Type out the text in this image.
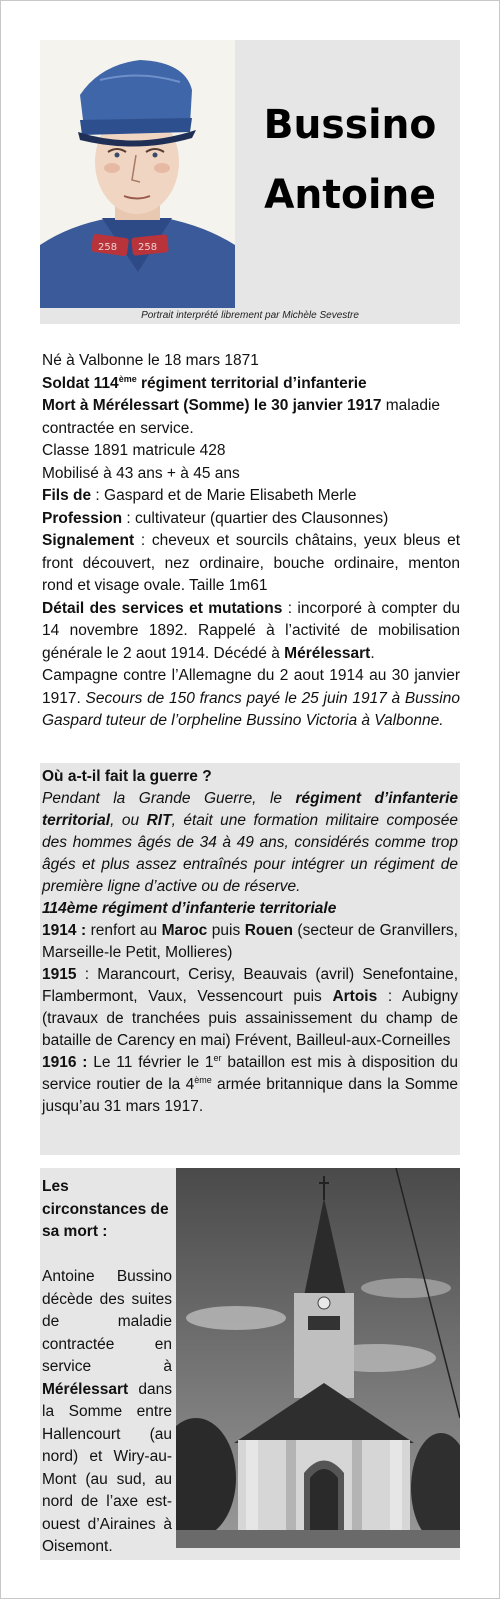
258 258
Bussino
Antoine
Portrait interprété librement par Michèle Sevestre

Né à Valbonne le 18 mars 1871

Soldat 114ème régiment territorial d’infanterie

Mort à Mérélessart (Somme) le 30 janvier 1917 maladie contractée en service.

Classe 1891 matricule 428

Mobilisé à 43 ans + à 45 ans

Fils de : Gaspard et de Marie Elisabeth Merle

Profession : cultivateur (quartier des Clausonnes)

Signalement : cheveux et sourcils châtains, yeux bleus et front découvert, nez ordinaire, bouche ordinaire, menton rond et visage ovale. Taille 1m61

Détail des services et mutations : incorporé à compter du 14 novembre 1892. Rappelé à l’activité de mobilisation générale le 2 aout 1914. Décédé à Mérélessart.

Campagne contre l’Allemagne du 2 aout 1914 au 30 janvier 1917. Secours de 150 francs payé le 25 juin 1917 à Bussino Gaspard tuteur de l’orpheline Bussino Victoria à Valbonne.

Où a-t-il fait la guerre ?

Pendant la Grande Guerre, le régiment d’infanterie territorial, ou RIT, était une formation militaire composée des hommes âgés de 34 à 49 ans, considérés comme trop âgés et plus assez entraînés pour intégrer un régiment de première ligne d’active ou de réserve.

114ème régiment d’infanterie territoriale

1914 : renfort au Maroc puis Rouen (secteur de Granvillers, Marseille-le Petit, Mollieres)

1915 : Marancourt, Cerisy, Beauvais (avril) Senefontaine, Flambermont, Vaux, Vessencourt puis Artois : Aubigny (travaux de tranchées puis assainissement du champ de bataille de Carency en mai) Frévent, Bailleul-aux-Corneilles

1916 : Le 11 février le 1er bataillon est mis à disposition du service routier de la 4ème armée britannique dans la Somme jusqu’au 31 mars 1917.

Les circonstances de sa mort :

Antoine Bussino décède des suites de maladie contractée en service à Mérélessart dans la Somme entre Hallencourt (au nord) et Wiry-au-Mont (au sud, au nord de l’axe est-ouest d’Airaines à Oisemont.
